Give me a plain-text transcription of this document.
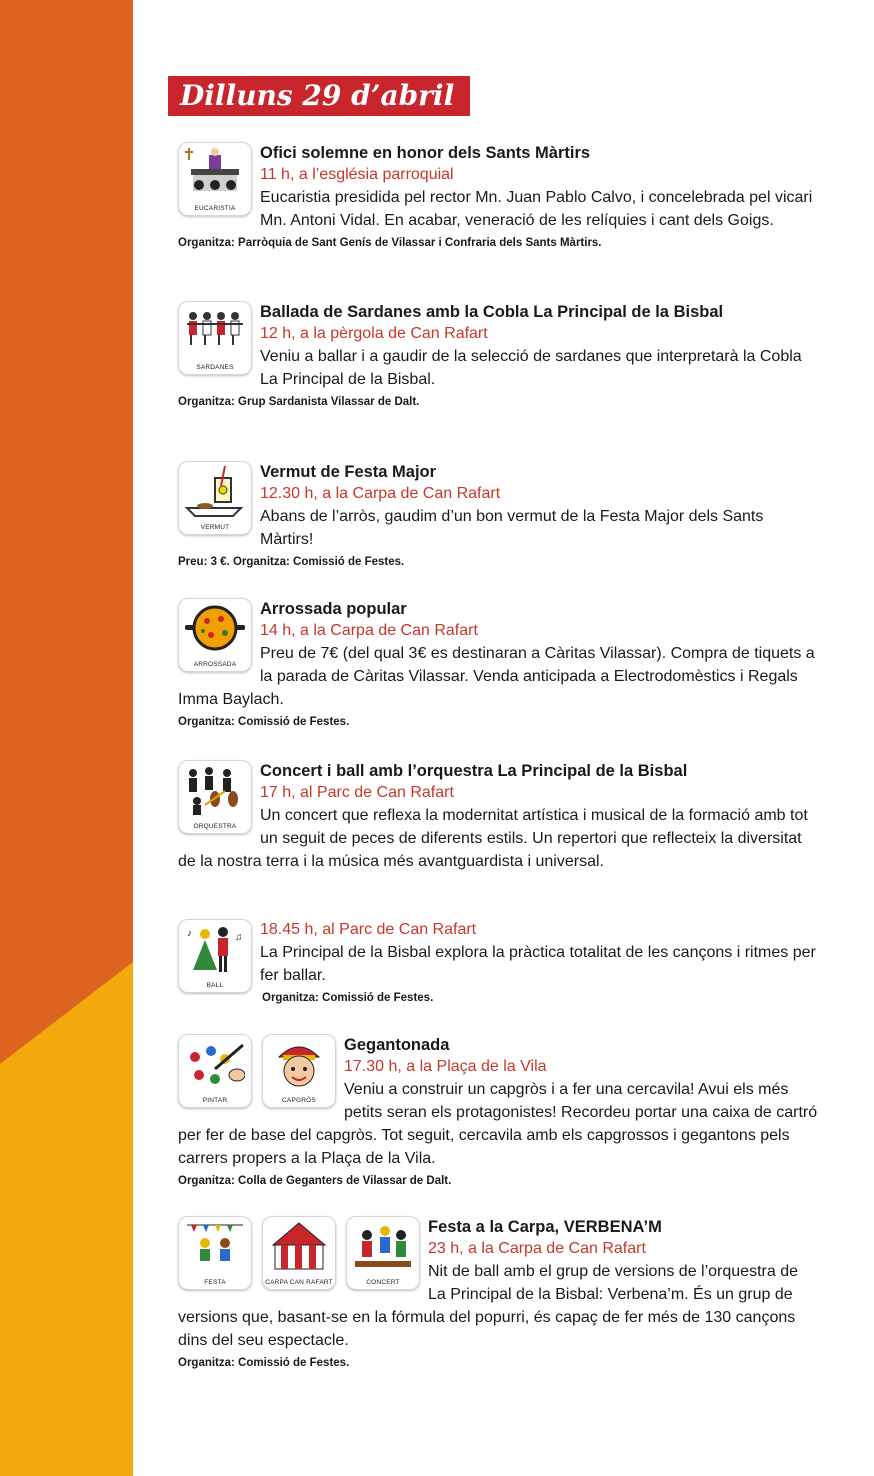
Dilluns 29 d’abril
EUCARISTIA
Ofici solemne en honor dels Sants Màrtirs
11 h, a l’església parroquial
Eucaristia presidida pel rector Mn. Juan Pablo Calvo, i concelebrada pel vicari Mn. Antoni Vidal. En acabar, veneració de les relíquies i cant dels Goigs.
Organitza: Parròquia de Sant Genís de Vilassar i Confraria dels Sants Màrtirs.
SARDANES
Ballada de Sardanes amb la Cobla La Principal de la Bisbal
12 h, a la pèrgola de Can Rafart
Veniu a ballar i a gaudir de la selecció de sardanes que interpretarà la Cobla La Principal de la Bisbal.
Organitza: Grup Sardanista Vilassar de Dalt.
VERMUT
Vermut de Festa Major
12.30 h, a la Carpa de Can Rafart
Abans de l’arròs, gaudim d’un bon vermut de la Festa Major dels Sants Màrtirs!
Preu: 3 €. Organitza: Comissió de Festes.
ARROSSADA
Arrossada popular
14 h, a la Carpa de Can Rafart
Preu de 7€ (del qual 3€ es destinaran a Càritas Vilassar). Compra de tiquets a la parada de Càritas Vilassar. Venda anticipada a Electrodomèstics i Regals Imma Baylach.
Organitza: Comissió de Festes.
ORQUESTRA
Concert i ball amb l’orquestra La Principal de la Bisbal
17 h, al Parc de Can Rafart
Un concert que reflexa la modernitat artística i musical de la formació amb tot un seguit de peces de diferents estils. Un repertori que reflecteix la diversitat de la nostra terra i la música més avantguardista i universal.
♪	♫
BALL
18.45 h, al Parc de Can Rafart
La Principal de la Bisbal explora la pràctica totalitat de les cançons i ritmes per fer ballar.
Organitza: Comissió de Festes.
PINTAR	CAPGRÒS
Gegantonada
17.30 h, a la Plaça de la Vila
Veniu a construir un capgròs i a fer una cercavila! Avui els més petits seran els protagonistes! Recordeu portar una caixa de cartró per fer de base del capgròs. Tot seguit, cercavila amb els capgrossos i gegantons pels carrers propers a la Plaça de la Vila.
Organitza: Colla de Geganters de Vilassar de Dalt.
FESTA	CARPA CAN RAFART	CONCERT
Festa a la Carpa, VERBENA’M
23 h, a la Carpa de Can Rafart
Nit de ball amb el grup de versions de l’orquestra de La Principal de la Bisbal: Verbena’m. És un grup de versions que, basant-se en la fórmula del popurri, és capaç de fer més de 130 cançons dins del seu espectacle.
Organitza: Comissió de Festes.
